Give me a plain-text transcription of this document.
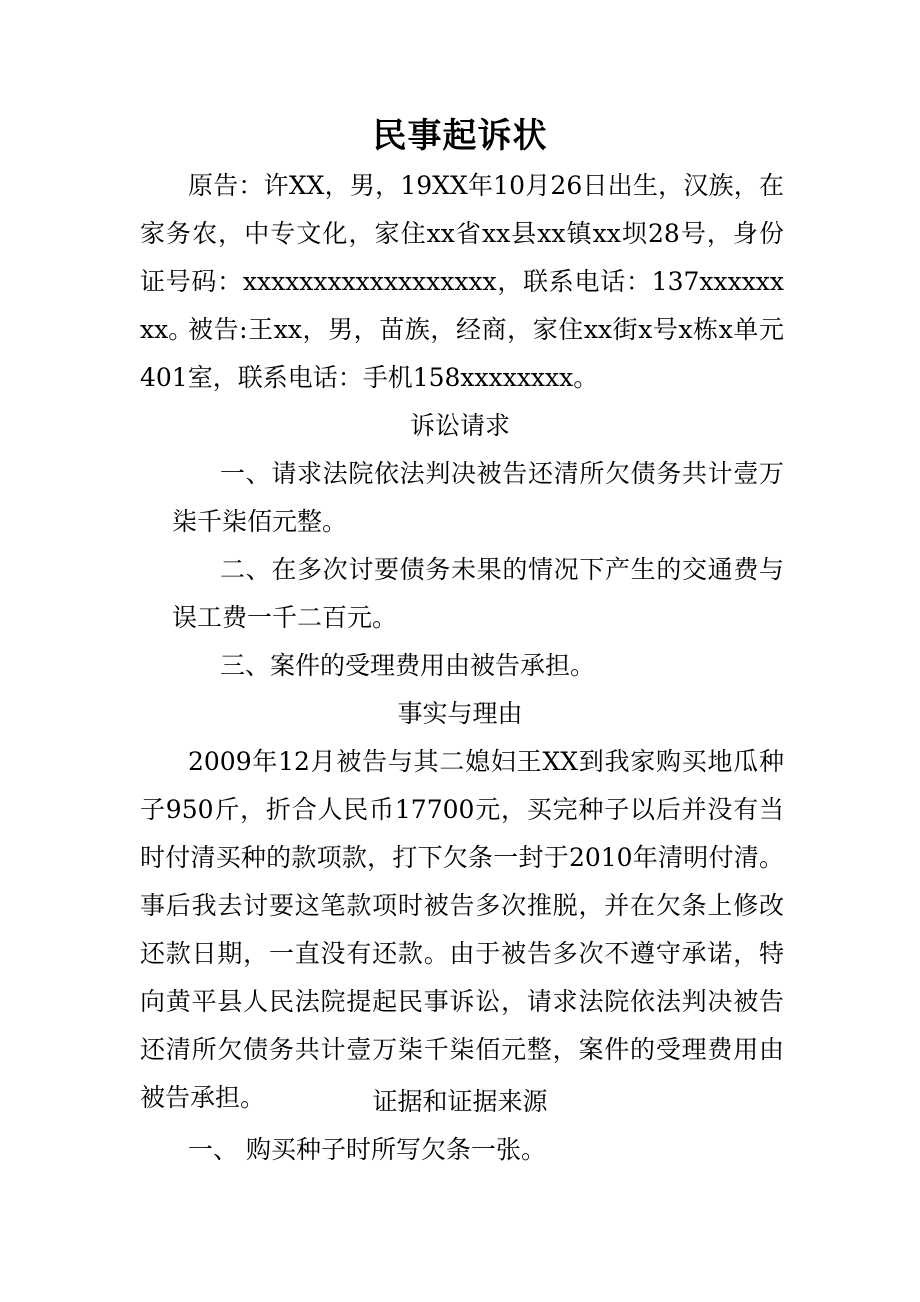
民事起诉状
原告：许XX，男，19XX年10月26日出生，汉族，在家务农，中专文化，家住xx省xx县xx镇xx坝28号，身份证号码：xxxxxxxxxxxxxxxxxx，联系电话：137xxxxxxxx。
被告:王xx，男，苗族，经商，家住xx街x号x栋x单元401室，联系电话：手机158xxxxxxxx。
诉讼请求
一、请求法院依法判决被告还清所欠债务共计壹万柒千柒佰元整。
二、在多次讨要债务未果的情况下产生的交通费与误工费一千二百元。
三、案件的受理费用由被告承担。
事实与理由
2009年12月被告与其二媳妇王XX到我家购买地瓜种子950斤，折合人民币17700元，买完种子以后并没有当时付清买种的款项款，打下欠条一封于2010年清明付清。事后我去讨要这笔款项时被告多次推脱，并在欠条上修改还款日期，一直没有还款。由于被告多次不遵守承诺，特向黄平县人民法院提起民事诉讼，请求法院依法判决被告还清所欠债务共计壹万柒千柒佰元整，案件的受理费用由被告承担。	证据和证据来源
一、 购买种子时所写欠条一张。
